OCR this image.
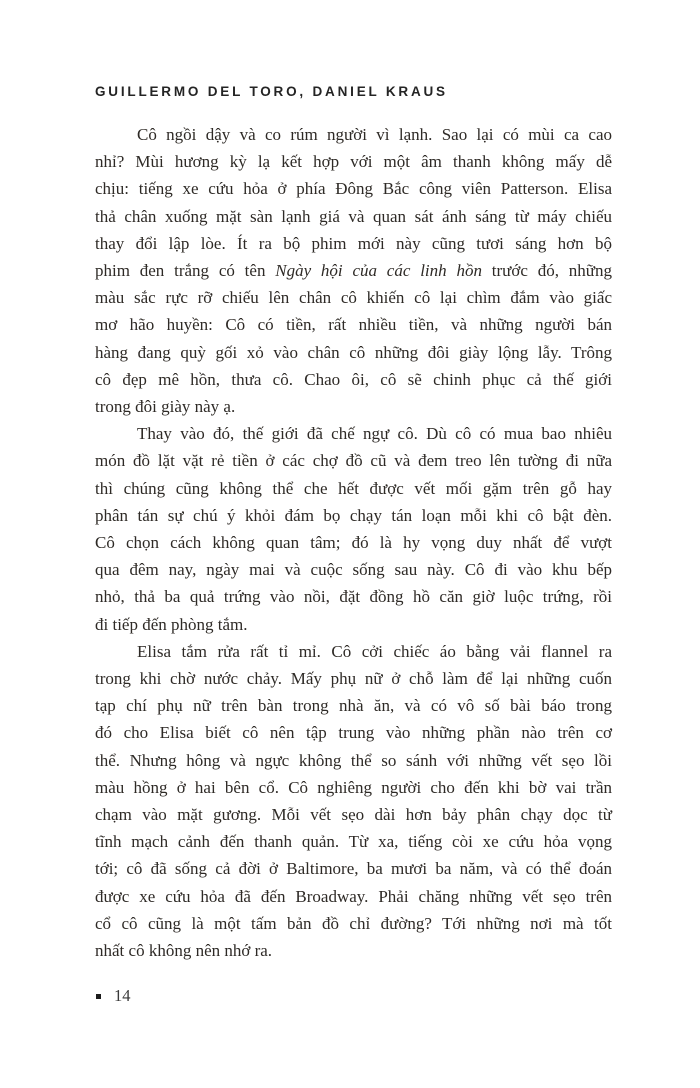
GUILLERMO DEL TORO, DANIEL KRAUS
Cô ngồi dậy và co rúm người vì lạnh. Sao lại có mùi ca cao
nhỉ? Mùi hương kỳ lạ kết hợp với một âm thanh không mấy dễ
chịu: tiếng xe cứu hỏa ở phía Đông Bắc công viên Patterson. Elisa
thả chân xuống mặt sàn lạnh giá và quan sát ánh sáng từ máy chiếu
thay đổi lập lòe. Ít ra bộ phim mới này cũng tươi sáng hơn bộ
phim đen trắng có tên Ngày hội của các linh hồn trước đó, những
màu sắc rực rỡ chiếu lên chân cô khiến cô lại chìm đắm vào giấc
mơ hão huyền: Cô có tiền, rất nhiều tiền, và những người bán
hàng đang quỳ gối xỏ vào chân cô những đôi giày lộng lẫy. Trông
cô đẹp mê hồn, thưa cô. Chao ôi, cô sẽ chinh phục cả thế giới
trong đôi giày này ạ.
Thay vào đó, thế giới đã chế ngự cô. Dù cô có mua bao nhiêu
món đồ lặt vặt rẻ tiền ở các chợ đồ cũ và đem treo lên tường đi nữa
thì chúng cũng không thể che hết được vết mối gặm trên gỗ hay
phân tán sự chú ý khỏi đám bọ chạy tán loạn mỗi khi cô bật đèn.
Cô chọn cách không quan tâm; đó là hy vọng duy nhất để vượt
qua đêm nay, ngày mai và cuộc sống sau này. Cô đi vào khu bếp
nhỏ, thả ba quả trứng vào nồi, đặt đồng hồ căn giờ luộc trứng, rồi
đi tiếp đến phòng tắm.
Elisa tắm rửa rất tỉ mỉ. Cô cởi chiếc áo bằng vải flannel ra
trong khi chờ nước chảy. Mấy phụ nữ ở chỗ làm để lại những cuốn
tạp chí phụ nữ trên bàn trong nhà ăn, và có vô số bài báo trong
đó cho Elisa biết cô nên tập trung vào những phần nào trên cơ
thể. Nhưng hông và ngực không thể so sánh với những vết sẹo lồi
màu hồng ở hai bên cổ. Cô nghiêng người cho đến khi bờ vai trần
chạm vào mặt gương. Mỗi vết sẹo dài hơn bảy phân chạy dọc từ
tĩnh mạch cảnh đến thanh quản. Từ xa, tiếng còi xe cứu hỏa vọng
tới; cô đã sống cả đời ở Baltimore, ba mươi ba năm, và có thể đoán
được xe cứu hỏa đã đến Broadway. Phải chăng những vết sẹo trên
cổ cô cũng là một tấm bản đồ chỉ đường? Tới những nơi mà tốt
nhất cô không nên nhớ ra.
14
